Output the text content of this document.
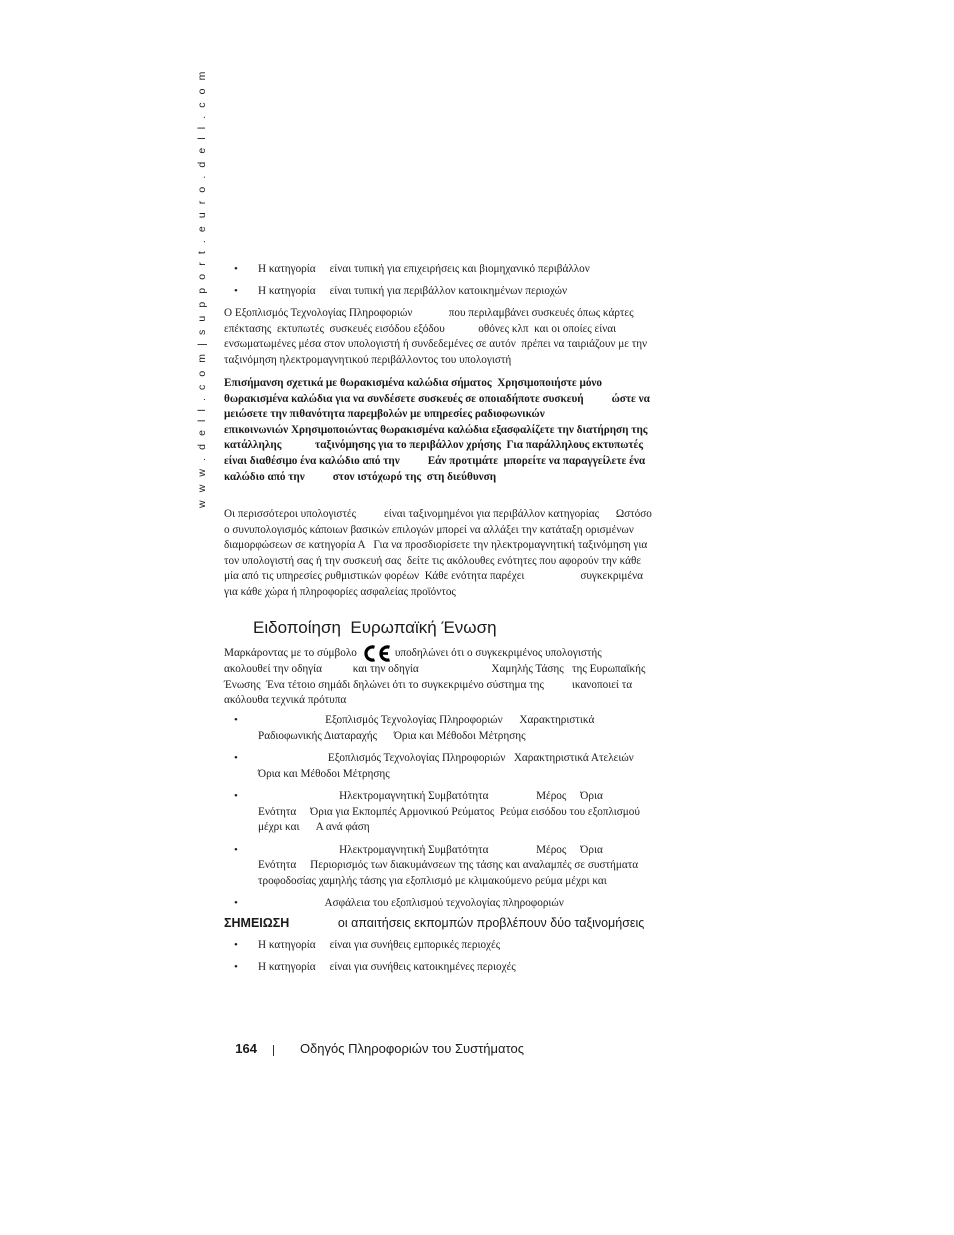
w w w . d e l l . c o m | s u p p o r t . e u r o . d e l l . c o m	• Η κατηγορία     είναι τυπική για επιχειρήσεις και βιομηχανικό περιβάλλον
• Η κατηγορία     είναι τυπική για περιβάλλον κατοικημένων περιοχών
Ο Εξοπλισμός Τεχνολογίας Πληροφοριών             που περιλαμβάνει συσκευές όπως κάρτες
επέκτασης  εκτυπωτές  συσκευές εισόδου εξόδου            οθόνες κλπ  και οι οποίες είναι
ενσωματωμένες μέσα στον υπολογιστή ή συνδεδεμένες σε αυτόν  πρέπει να ταιριάζουν με την
ταξινόμηση ηλεκτρομαγνητικού περιβάλλοντος του υπολογιστή
Επισήμανση σχετικά με θωρακισμένα καλώδια σήματος  Χρησιμοποιήστε μόνο
θωρακισμένα καλώδια για να συνδέσετε συσκευές σε οποιαδήποτε συσκευή          ώστε να
μειώσετε την πιθανότητα παρεμβολών με υπηρεσίες ραδιοφωνικών
επικοινωνιών Χρησιμοποιώντας θωρακισμένα καλώδια εξασφαλίζετε την διατήρηση της
κατάλληλης            ταξινόμησης για το περιβάλλον χρήσης  Για παράλληλους εκτυπωτές
είναι διαθέσιμο ένα καλώδιο από την          Εάν προτιμάτε  μπορείτε να παραγγείλετε ένα
καλώδιο από την          στον ιστόχωρό της  στη διεύθυνση
Οι περισσότεροι υπολογιστές          είναι ταξινομημένοι για περιβάλλον κατηγορίας      Ωστόσο
ο συνυπολογισμός κάποιων βασικών επιλογών μπορεί να αλλάξει την κατάταξη ορισμένων
διαμορφώσεων σε κατηγορία Α   Για να προσδιορίσετε την ηλεκτρομαγνητική ταξινόμηση για
τον υπολογιστή σας ή την συσκευή σας  δείτε τις ακόλουθες ενότητες που αφορούν την κάθε
μία από τις υπηρεσίες ρυθμιστικών φορέων  Κάθε ενότητα παρέχει                    συγκεκριμένα
για κάθε χώρα ή πληροφορίες ασφαλείας προϊόντος
Ειδοποίηση  Ευρωπαϊκή Ένωση
Μαρκάροντας με το σύμβολο	υποδηλώνει ότι ο συγκεκριμένος υπολογιστής
ακολουθεί την οδηγία           και την οδηγία                          Χαμηλής Τάσης   της Ευρωπαϊκής
Ένωσης  Ένα τέτοιο σημάδι δηλώνει ότι το συγκεκριμένο σύστημα της          ικανοποιεί τα
ακόλουθα τεχνικά πρότυπα
• Εξοπλισμός Τεχνολογίας Πληροφοριών      Χαρακτηριστικά
Ραδιοφωνικής Διαταραχής      Όρια και Μέθοδοι Μέτρησης
• Εξοπλισμός Τεχνολογίας Πληροφοριών   Χαρακτηριστικά Ατελειών
Όρια και Μέθοδοι Μέτρησης
• Ηλεκτρομαγνητική Συμβατότητα                 Μέρος     Όρια
Ενότητα     Όρια για Εκπομπές Αρμονικού Ρεύματος  Ρεύμα εισόδου του εξοπλισμού
μέχρι και      Α ανά φάση
• Ηλεκτρομαγνητική Συμβατότητα                 Μέρος     Όρια
Ενότητα     Περιορισμός των διακυμάνσεων της τάσης και αναλαμπές σε συστήματα
τροφοδοσίας χαμηλής τάσης για εξοπλισμό με κλιμακούμενο ρεύμα μέχρι και
• Ασφάλεια του εξοπλισμού τεχνολογίας πληροφοριών
ΣΗΜΕΙΩΣΗ              οι απαιτήσεις εκπομπών προβλέπουν δύο ταξινομήσεις
• Η κατηγορία     είναι για συνήθεις εμπορικές περιοχές
• Η κατηγορία     είναι για συνήθεις κατοικημένες περιοχές

164	Οδηγός Πληροφοριών του Συστήματος
